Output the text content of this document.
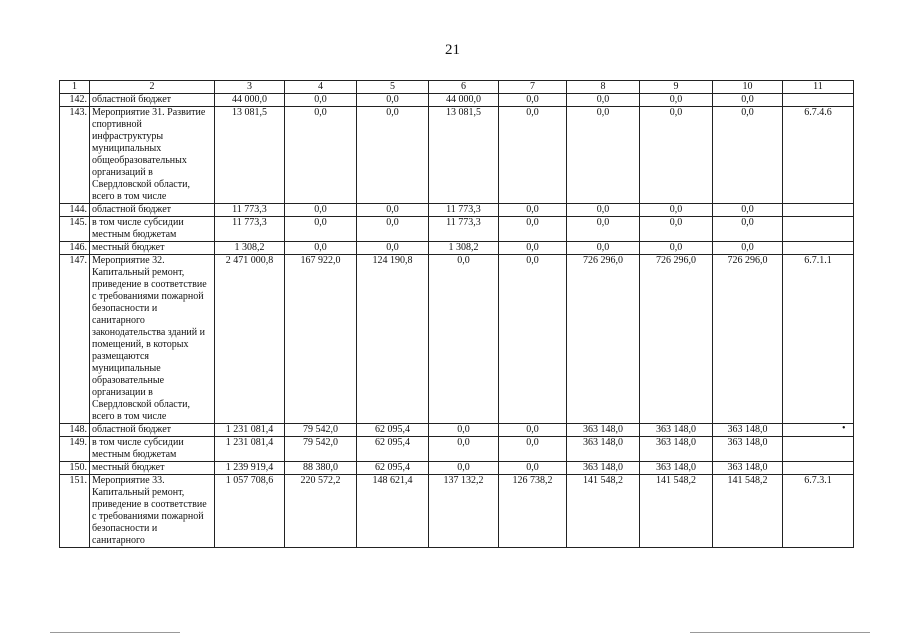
21
•
1	2	3	4	5	6	7	8	9	10	11
142.	областной бюджет	44 000,0	0,0	0,0	44 000,0	0,0	0,0	0,0	0,0	
143.	Мероприятие 31. Развитие спортивной инфраструктуры муниципальных общеобразовательных организаций в Свердловской области, всего в том числе	13 081,5	0,0	0,0	13 081,5	0,0	0,0	0,0	0,0	6.7.4.6
144.	областной бюджет	11 773,3	0,0	0,0	11 773,3	0,0	0,0	0,0	0,0	
145.	в том числе субсидии местным бюджетам	11 773,3	0,0	0,0	11 773,3	0,0	0,0	0,0	0,0	
146.	местный бюджет	1 308,2	0,0	0,0	1 308,2	0,0	0,0	0,0	0,0	
147.	Мероприятие 32. Капитальный ремонт, приведение в соответствие с требованиями пожарной безопасности и санитарного законодательства зданий и помещений, в которых размещаются муниципальные образовательные организации в Свердловской области, всего в том числе	2 471 000,8	167 922,0	124 190,8	0,0	0,0	726 296,0	726 296,0	726 296,0	6.7.1.1
148.	областной бюджет	1 231 081,4	79 542,0	62 095,4	0,0	0,0	363 148,0	363 148,0	363 148,0	
149.	в том числе субсидии местным бюджетам	1 231 081,4	79 542,0	62 095,4	0,0	0,0	363 148,0	363 148,0	363 148,0	
150.	местный бюджет	1 239 919,4	88 380,0	62 095,4	0,0	0,0	363 148,0	363 148,0	363 148,0	
151.	Мероприятие 33. Капитальный ремонт, приведение в соответствие с требованиями пожарной безопасности и санитарного	1 057 708,6	220 572,2	148 621,4	137 132,2	126 738,2	141 548,2	141 548,2	141 548,2	6.7.3.1
